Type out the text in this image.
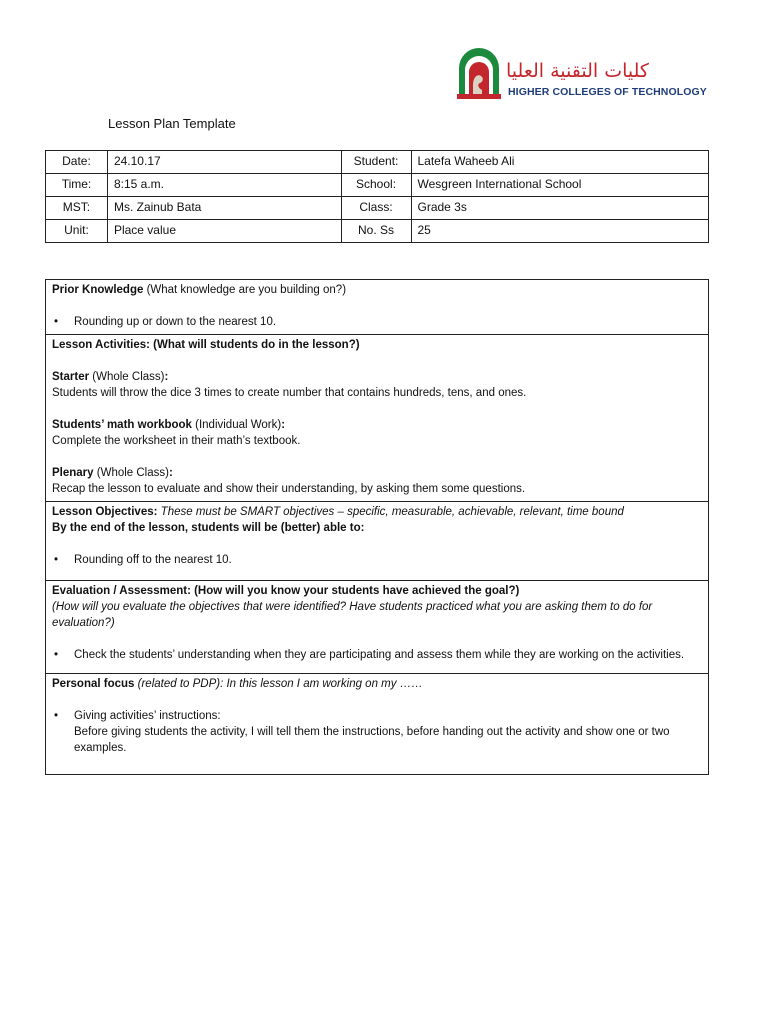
كليات التقنية العليا
HIGHER COLLEGES OF TECHNOLOGY
Lesson Plan Template
Date:	24.10.17	Student:	Latefa Waheeb Ali
Time:	8:15 a.m.	School:	Wesgreen International School
MST:	Ms. Zainub Bata	Class:	Grade 3s
Unit:	Place value	No. Ss	25
Prior Knowledge (What knowledge are you building on?)
•	Rounding up or down to the nearest 10.
Lesson Activities: (What will students do in the lesson?)
Starter (Whole Class):
Students will throw the dice 3 times to create number that contains hundreds, tens, and ones.
Students’ math workbook (Individual Work):
Complete the worksheet in their math’s textbook.
Plenary (Whole Class):
Recap the lesson to evaluate and show their understanding, by asking them some questions.
Lesson Objectives: These must be SMART objectives – specific, measurable, achievable, relevant, time bound
By the end of the lesson, students will be (better) able to:
•	Rounding off to the nearest 10.
Evaluation / Assessment: (How will you know your students have achieved the goal?)
(How will you evaluate the objectives that were identified? Have students practiced what you are asking them to do for evaluation?)
•	Check the students’ understanding when they are participating and assess them while they are working on the activities.
Personal focus (related to PDP): In this lesson I am working on my ……
•	Giving activities’ instructions:
Before giving students the activity, I will tell them the instructions, before handing out the activity and show one or two examples.
